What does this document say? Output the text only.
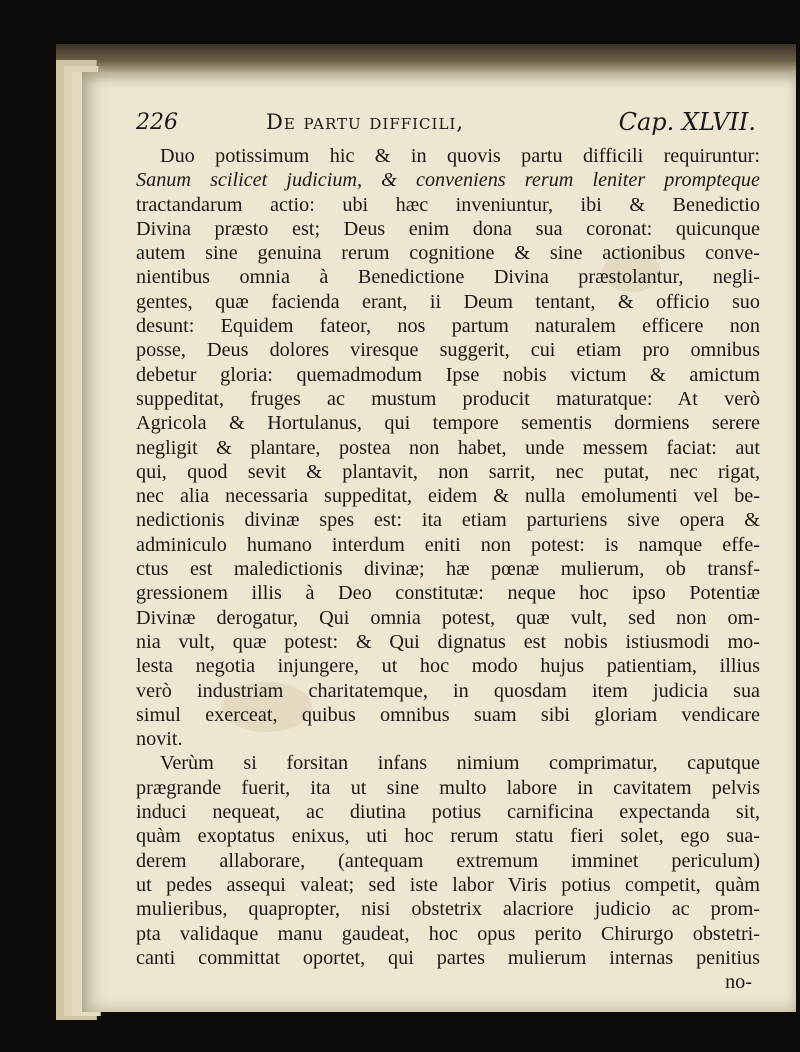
226	De partu difficili,	Cap. XLVII.
Duo potissimum hic & in quovis partu difficili requiruntur:
Sanum scilicet judicium, & conveniens rerum leniter prompteque
tractandarum actio: ubi hæc inveniuntur, ibi & Benedictio
Divina præsto est; Deus enim dona sua coronat: quicunque
autem sine genuina rerum cognitione & sine actionibus conve-
nientibus omnia à Benedictione Divina præstolantur, negli-
gentes, quæ facienda erant, ii Deum tentant, & officio suo
desunt: Equidem fateor, nos partum naturalem efficere non
posse, Deus dolores viresque suggerit, cui etiam pro omnibus
debetur gloria: quemadmodum Ipse nobis victum & amictum
suppeditat, fruges ac mustum producit maturatque: At verò
Agricola & Hortulanus, qui tempore sementis dormiens serere
negligit & plantare, postea non habet, unde messem faciat: aut
qui, quod sevit & plantavit, non sarrit, nec putat, nec rigat,
nec alia necessaria suppeditat, eidem & nulla emolumenti vel be-
nedictionis divinæ spes est: ita etiam parturiens sive opera &
adminiculo humano interdum eniti non potest: is namque effe-
ctus est maledictionis divinæ; hæ pœnæ mulierum, ob transf-
gressionem illis à Deo constitutæ: neque hoc ipso Potentiæ
Divinæ derogatur, Qui omnia potest, quæ vult, sed non om-
nia vult, quæ potest: & Qui dignatus est nobis istiusmodi mo-
lesta negotia injungere, ut hoc modo hujus patientiam, illius
verò industriam charitatemque, in quosdam item judicia sua
simul exerceat, quibus omnibus suam sibi gloriam vendicare
novit.
Verùm si forsitan infans nimium comprimatur, caputque
prægrande fuerit, ita ut sine multo labore in cavitatem pelvis
induci nequeat, ac diutina potius carnificina expectanda sit,
quàm exoptatus enixus, uti hoc rerum statu fieri solet, ego sua-
derem allaborare, (antequam extremum imminet periculum)
ut pedes assequi valeat; sed iste labor Viris potius competit, quàm
mulieribus, quapropter, nisi obstetrix alacriore judicio ac prom-
pta validaque manu gaudeat, hoc opus perito Chirurgo obstetri-
canti committat oportet, qui partes mulierum internas penitius
no-
